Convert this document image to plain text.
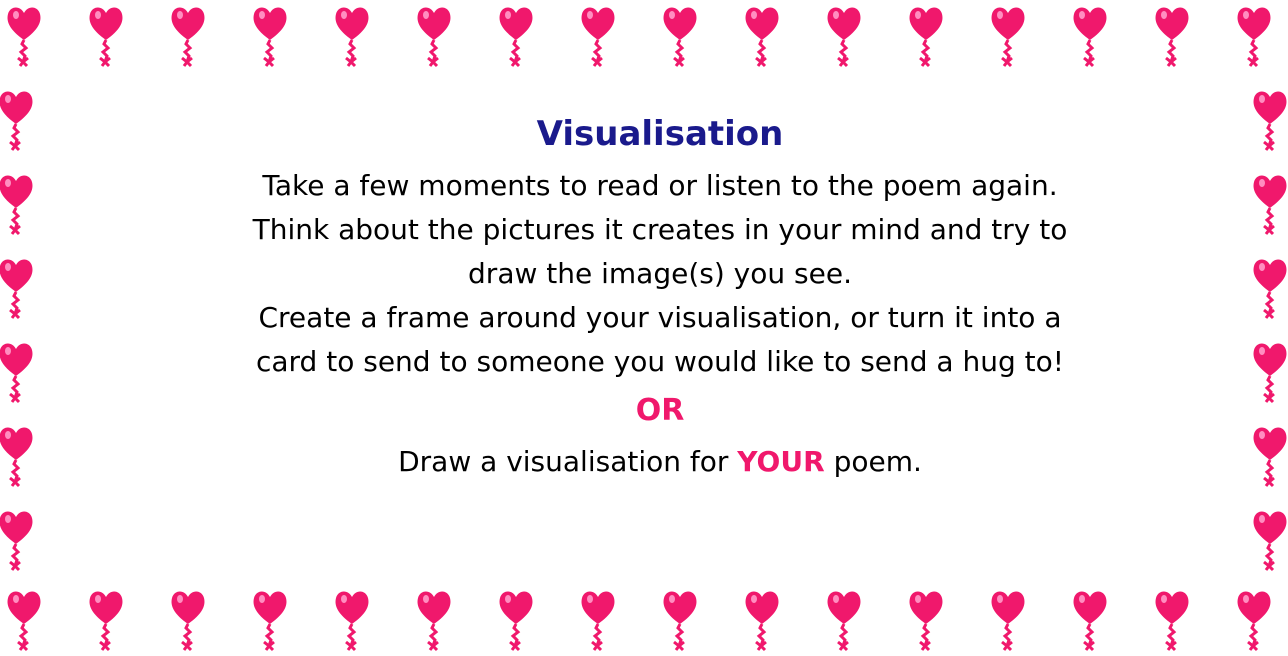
Visualisation

Take a few moments to read or listen to the poem again.

Think about the pictures it creates in your mind and try to

draw the image(s) you see.

Create a frame around your visualisation, or turn it into a

card to send to someone you would like to send a hug to!

OR

Draw a visualisation for YOUR poem.
